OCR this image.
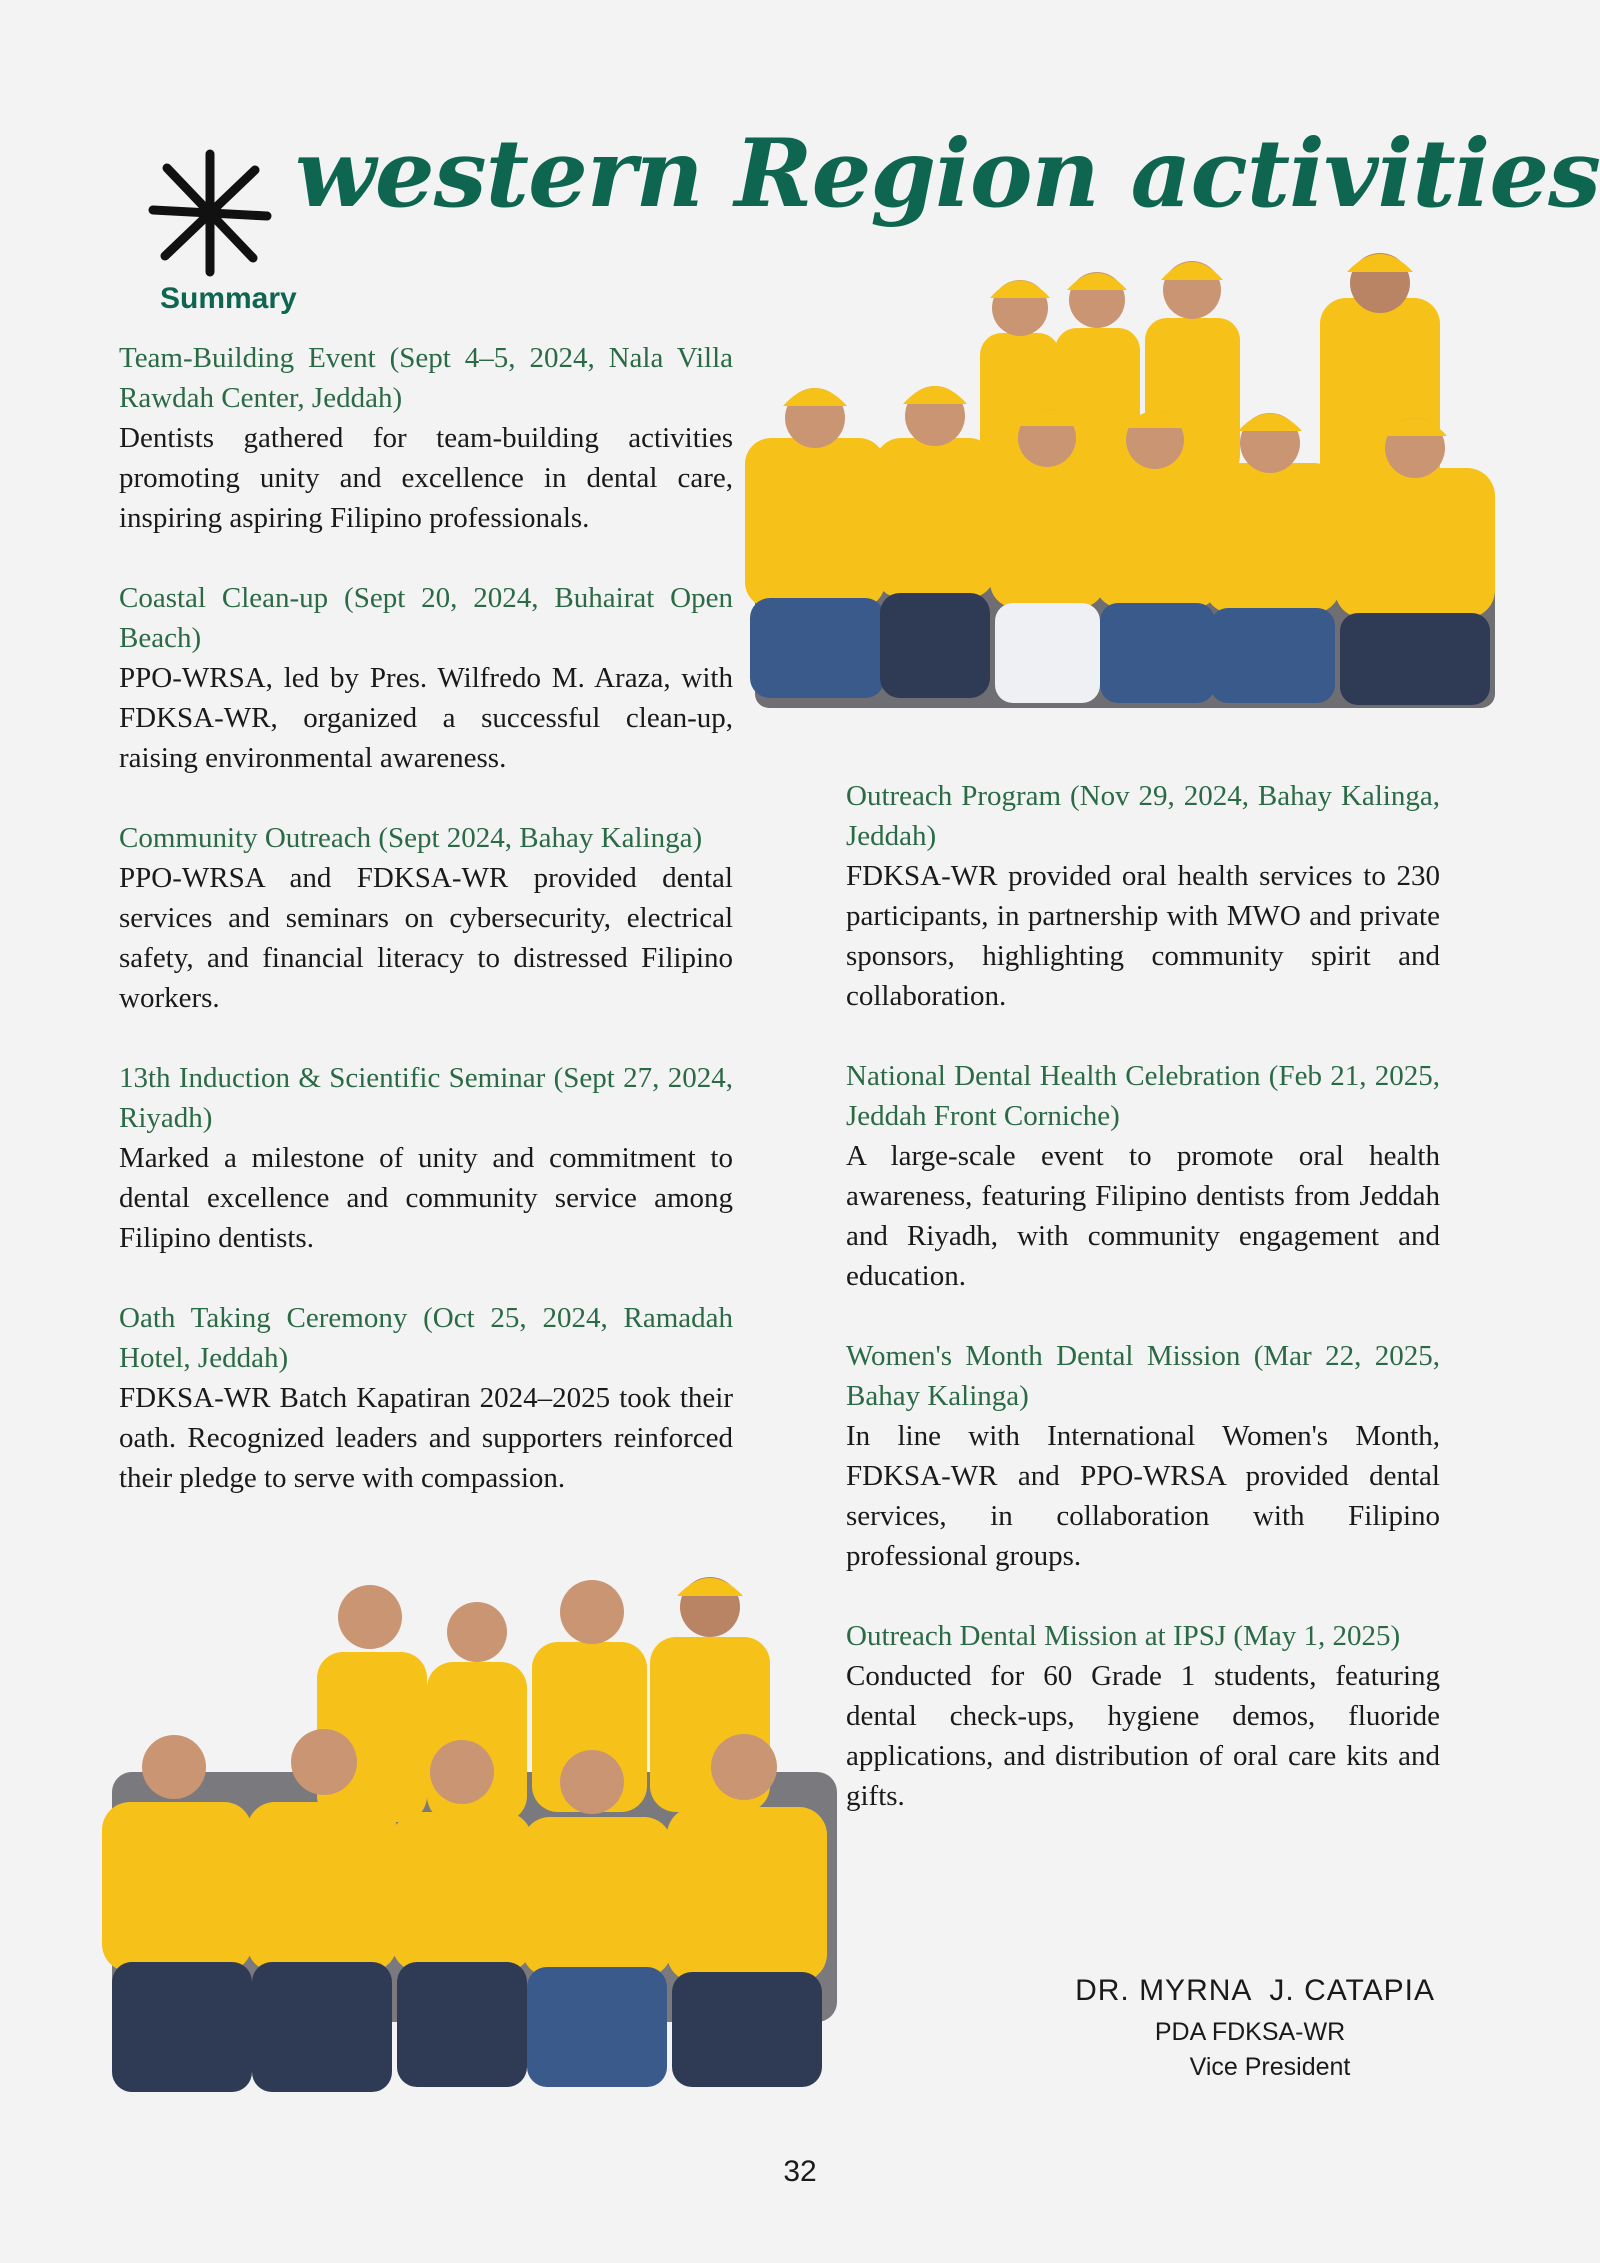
western Region activities
Summary
Team-Building Event (Sept 4–5, 2024, Nala Villa Rawdah Center, Jeddah)
Dentists gathered for team-building activities promoting unity and excellence in dental care, inspiring aspiring Filipino professionals.
Coastal Clean-up (Sept 20, 2024, Buhairat Open Beach)
PPO-WRSA, led by Pres. Wilfredo M. Araza, with FDKSA-WR, organized a successful clean-up, raising environmental awareness.
Community Outreach (Sept 2024, Bahay Kalinga)
PPO-WRSA and FDKSA-WR provided dental services and seminars on cybersecurity, electrical safety, and financial literacy to distressed Filipino workers.
13th Induction & Scientific Seminar (Sept 27, 2024, Riyadh)
Marked a milestone of unity and commitment to dental excellence and community service among Filipino dentists.
Oath Taking Ceremony (Oct 25, 2024, Ramadah Hotel, Jeddah)
FDKSA-WR Batch Kapatiran 2024–2025 took their oath. Recognized leaders and supporters reinforced their pledge to serve with compassion.
Outreach Program (Nov 29, 2024, Bahay Kalinga, Jeddah)
FDKSA-WR provided oral health services to 230 participants, in partnership with MWO and private sponsors, highlighting community spirit and collaboration.
National Dental Health Celebration (Feb 21, 2025, Jeddah Front Corniche)
A large-scale event to promote oral health awareness, featuring Filipino dentists from Jeddah and Riyadh, with community engagement and education.
Women's Month Dental Mission (Mar 22, 2025, Bahay Kalinga)
In line with International Women's Month, FDKSA-WR and PPO-WRSA provided dental services, in collaboration with Filipino professional groups.
Outreach Dental Mission at IPSJ (May 1, 2025)
Conducted for 60 Grade 1 students, featuring dental check-ups, hygiene demos, fluoride applications, and distribution of oral care kits and gifts.
DR. MYRNA  J. CATAPIA
PDA FDKSA-WR
Vice President
32
